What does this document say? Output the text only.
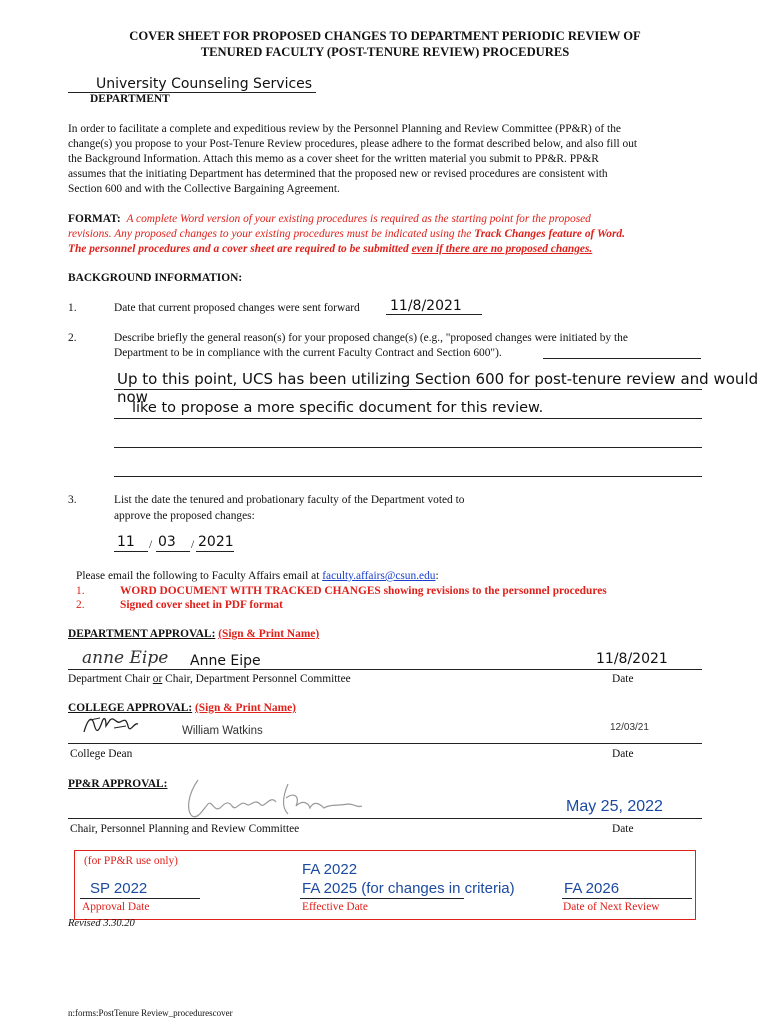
COVER SHEET FOR PROPOSED CHANGES TO DEPARTMENT PERIODIC REVIEW OF
TENURED FACULTY (POST-TENURE REVIEW) PROCEDURES
University Counseling Services
DEPARTMENT
In order to facilitate a complete and expeditious review by the Personnel Planning and Review Committee (PP&R) of the
change(s) you propose to your Post-Tenure Review procedures, please adhere to the format described below, and also fill out
the Background Information. Attach this memo as a cover sheet for the written material you submit to PP&R. PP&R
assumes that the initiating Department has determined that the proposed new or revised procedures are consistent with
Section 600 and with the Collective Bargaining Agreement.
FORMAT: A complete Word version of your existing procedures is required as the starting point for the proposed
revisions. Any proposed changes to your existing procedures must be indicated using the Track Changes feature of Word.
The personnel procedures and a cover sheet are required to be submitted even if there are no proposed changes.
BACKGROUND INFORMATION:
1.	Date that current proposed changes were sent forward 11/8/2021
2.	Describe briefly the general reason(s) for your proposed change(s) (e.g., "proposed changes were initiated by the
Department to be in compliance with the current Faculty Contract and Section 600").
Up to this point, UCS has been utilizing Section 600 for post-tenure review and would now
like to propose a more specific document for this review.
3.	List the date the tenured and probationary faculty of the Department voted to
approve the proposed changes:
11 / 03 / 2021
Please email the following to Faculty Affairs email at faculty.affairs@csun.edu:
1.	WORD DOCUMENT WITH TRACKED CHANGES showing revisions to the personnel procedures
2.	Signed cover sheet in PDF format
DEPARTMENT APPROVAL: (Sign & Print Name)
anne Eipe Anne Eipe	11/8/2021
Department Chair or Chair, Department Personnel Committee	Date
COLLEGE APPROVAL: (Sign & Print Name)
William Watkins	12/03/21
College Dean	Date
PP&R APPROVAL:
May 25, 2022
Chair, Personnel Planning and Review Committee	Date
(for PP&R use only)
SP 2022
Approval Date
FA 2022
FA 2025 (for changes in criteria)
Effective Date
FA 2026
Date of Next Review
Revised 3.30.20
n:forms:PostTenure Review_procedurescover
